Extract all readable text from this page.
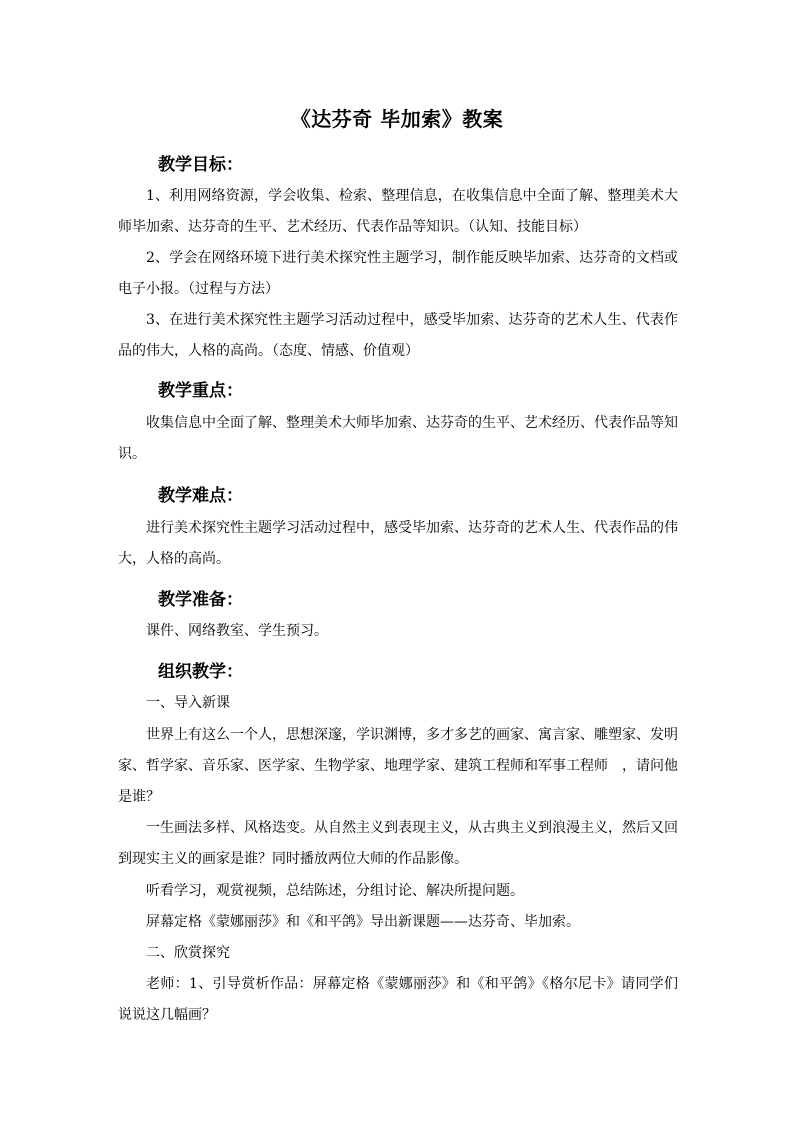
《达芬奇 毕加索》教案
教学目标：
1、利用网络资源，学会收集、检索、整理信息，在收集信息中全面了解、整理美术大师毕加索、达芬奇的生平、艺术经历、代表作品等知识。（认知、技能目标）
2、学会在网络环境下进行美术探究性主题学习，制作能反映毕加索、达芬奇的文档或电子小报。（过程与方法）
3、在进行美术探究性主题学习活动过程中，感受毕加索、达芬奇的艺术人生、代表作品的伟大，人格的高尚。（态度、情感、价值观）
教学重点：
收集信息中全面了解、整理美术大师毕加索、达芬奇的生平、艺术经历、代表作品等知识。
教学难点：
进行美术探究性主题学习活动过程中，感受毕加索、达芬奇的艺术人生、代表作品的伟大，人格的高尚。
教学准备：
课件、网络教室、学生预习。
组织教学：
一、导入新课
世界上有这么一个人，思想深邃，学识渊博，多才多艺的画家、寓言家、雕塑家、发明家、哲学家、音乐家、医学家、生物学家、地理学家、建筑工程师和军事工程师　，请问他是谁？
一生画法多样、风格迭变。从自然主义到表现主义，从古典主义到浪漫主义，然后又回到现实主义的画家是谁？同时播放两位大师的作品影像。
听看学习，观赏视频，总结陈述，分组讨论、解决所提问题。
屏幕定格《蒙娜丽莎》和《和平鸽》导出新课题——达芬奇、毕加索。
二、欣赏探究
老师：1、引导赏析作品：屏幕定格《蒙娜丽莎》和《和平鸽》《格尔尼卡》请同学们说说这几幅画？
